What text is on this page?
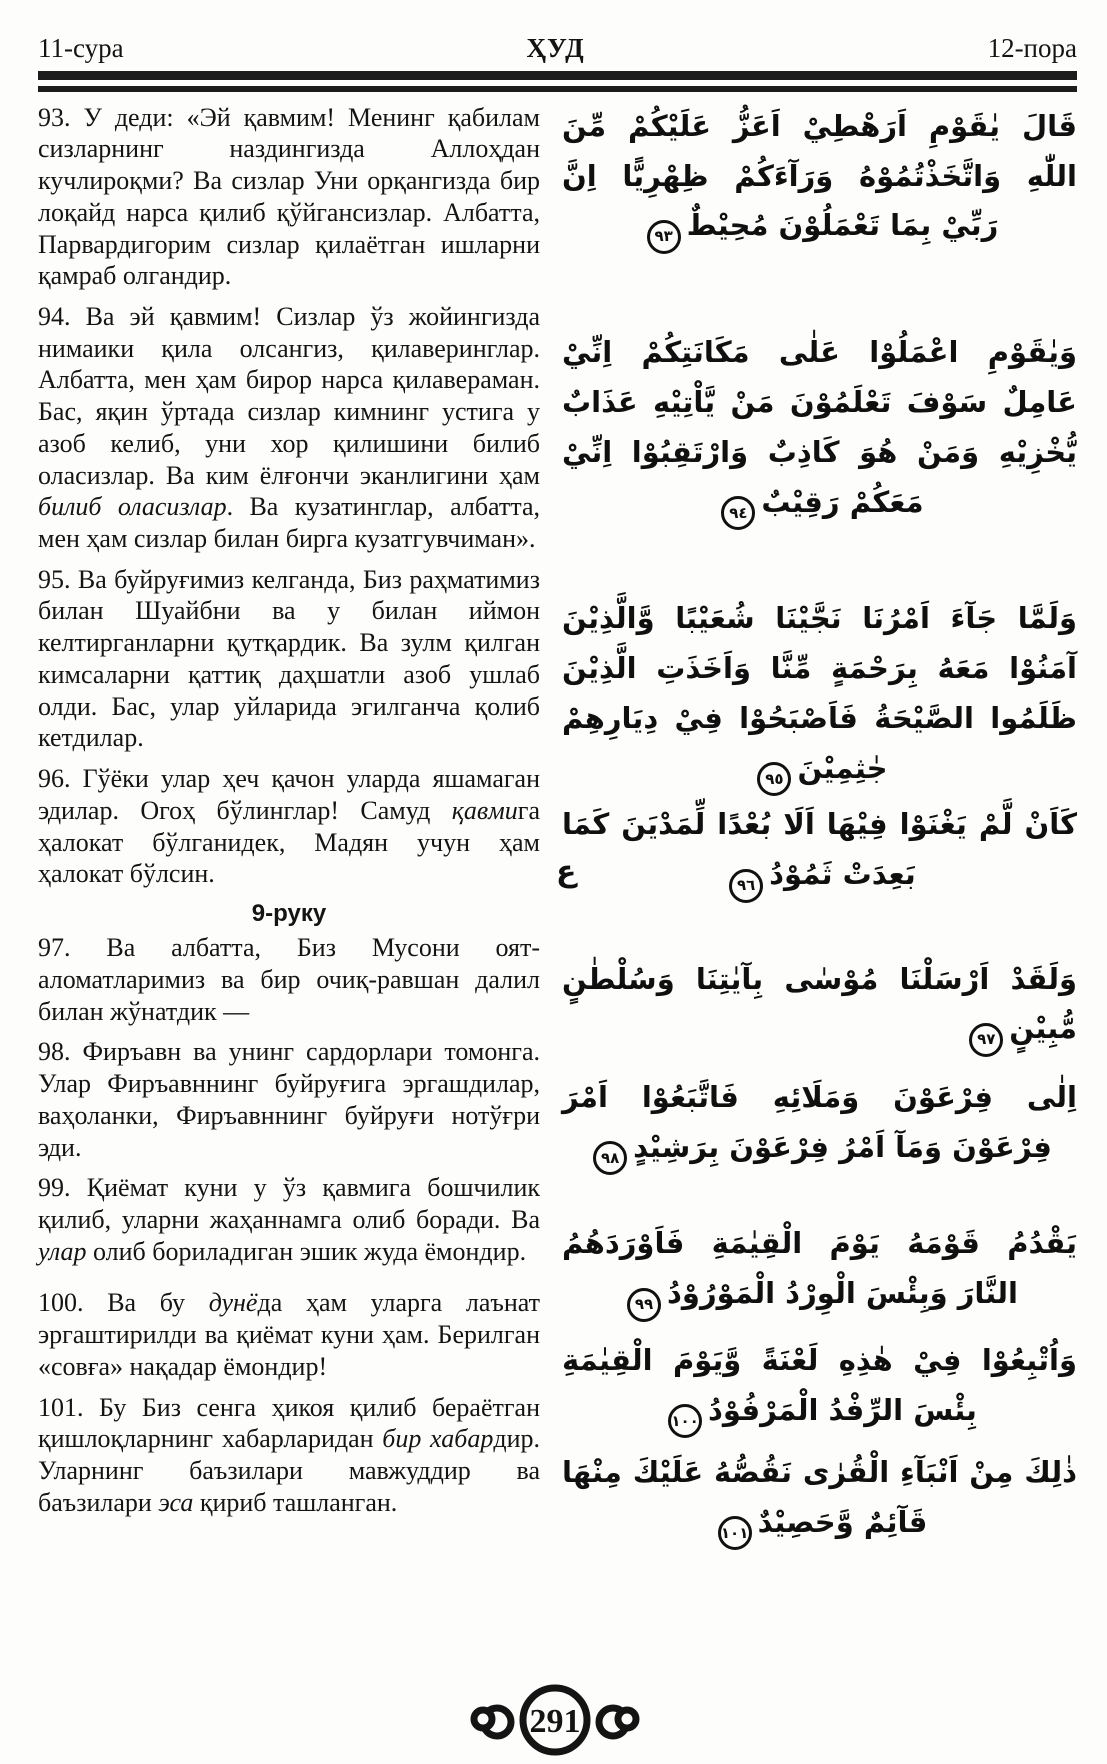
11-сура	ҲУД	12-пора

93. У деди: «Эй қавмим! Менинг қабилам сизларнинг наздингизда Аллоҳдан кучлироқми? Ва сизлар Уни орқангизда бир лоқайд нарса қилиб қўйгансизлар. Албатта, Парвардигорим сизлар қилаётган ишларни қамраб олгандир.

94. Ва эй қавмим! Сизлар ўз жойингизда нимаики қила олсангиз, қилаверинглар. Албатта, мен ҳам бирор нарса қилавераман. Бас, яқин ўртада сизлар кимнинг устига у азоб келиб, уни хор қилишини билиб оласизлар. Ва ким ёлғончи эканлигини ҳам билиб оласизлар. Ва кузатинглар, албатта, мен ҳам сизлар билан бирга кузатгувчиман».

95. Ва буйруғимиз келганда, Биз раҳматимиз билан Шуайбни ва у билан иймон келтирганларни қутқардик. Ва зулм қилган кимсаларни қаттиқ даҳшатли азоб ушлаб олди. Бас, улар уйларида эгилганча қолиб кетдилар.

96. Гўёки улар ҳеч қачон уларда яшамаган эдилар. Огоҳ бўлинглар! Самуд қавмига ҳалокат бўлганидек, Мадян учун ҳам ҳалокат бўлсин.

9-руку

97. Ва албатта, Биз Мусони оят-аломатларимиз ва бир очиқ-равшан далил билан жўнатдик —

98. Фиръавн ва унинг сардорлари томонга. Улар Фиръавннинг буйруғига эргашдилар, ваҳоланки, Фиръавннинг буйруғи нотўғри эди.

99. Қиёмат куни у ўз қавмига бошчилик қилиб, уларни жаҳаннамга олиб боради. Ва улар олиб бориладиган эшик жуда ёмондир.

100. Ва бу дунёда ҳам уларга лаънат эргаштирилди ва қиёмат куни ҳам. Берилган «совға» нақадар ёмондир!

101. Бу Биз сенга ҳикоя қилиб бераётган қишлоқларнинг хабарларидан бир хабардир. Уларнинг баъзилари мавжуддир ва баъзилари эса қириб ташланган.

قَالَ يٰقَوْمِ اَرَهْطِيْ اَعَزُّ عَلَيْكُمْ مِّنَ اللّٰهِ وَاتَّخَذْتُمُوْهُ وَرَآءَكُمْ ظِهْرِيًّا اِنَّ رَبِّيْ بِمَا تَعْمَلُوْنَ مُحِيْطٌ٩٣

وَيٰقَوْمِ اعْمَلُوْا عَلٰى مَكَانَتِكُمْ اِنِّيْ عَامِلٌ سَوْفَ تَعْلَمُوْنَ مَنْ يَّاْتِيْهِ عَذَابٌ يُّخْزِيْهِ وَمَنْ هُوَ كَاذِبٌ وَارْتَقِبُوْا اِنِّيْ مَعَكُمْ رَقِيْبٌ٩٤

وَلَمَّا جَآءَ اَمْرُنَا نَجَّيْنَا شُعَيْبًا وَّالَّذِيْنَ آمَنُوْا مَعَهُ بِرَحْمَةٍ مِّنَّا وَاَخَذَتِ الَّذِيْنَ ظَلَمُوا الصَّيْحَةُ فَاَصْبَحُوْا فِيْ دِيَارِهِمْ جٰثِمِيْنَ٩٥

كَاَنْ لَّمْ يَغْنَوْا فِيْهَا اَلَا بُعْدًا لِّمَدْيَنَ كَمَا بَعِدَتْ ثَمُوْدُ٩٦
ع

وَلَقَدْ اَرْسَلْنَا مُوْسٰى بِآيٰتِنَا وَسُلْطٰنٍ مُّبِيْنٍ٩٧

اِلٰى فِرْعَوْنَ وَمَلَائِهِ فَاتَّبَعُوْا اَمْرَ فِرْعَوْنَ وَمَآ اَمْرُ فِرْعَوْنَ بِرَشِيْدٍ٩٨

يَقْدُمُ قَوْمَهُ يَوْمَ الْقِيٰمَةِ فَاَوْرَدَهُمُ النَّارَ وَبِئْسَ الْوِرْدُ الْمَوْرُوْدُ٩٩

وَاُتْبِعُوْا فِيْ هٰذِهِ لَعْنَةً وَّيَوْمَ الْقِيٰمَةِ بِئْسَ الرِّفْدُ الْمَرْفُوْدُ١٠٠

ذٰلِكَ مِنْ اَنْبَآءِ الْقُرٰى نَقُصُّهُ عَلَيْكَ مِنْهَا قَآئِمٌ وَّحَصِيْدٌ١٠١

291
